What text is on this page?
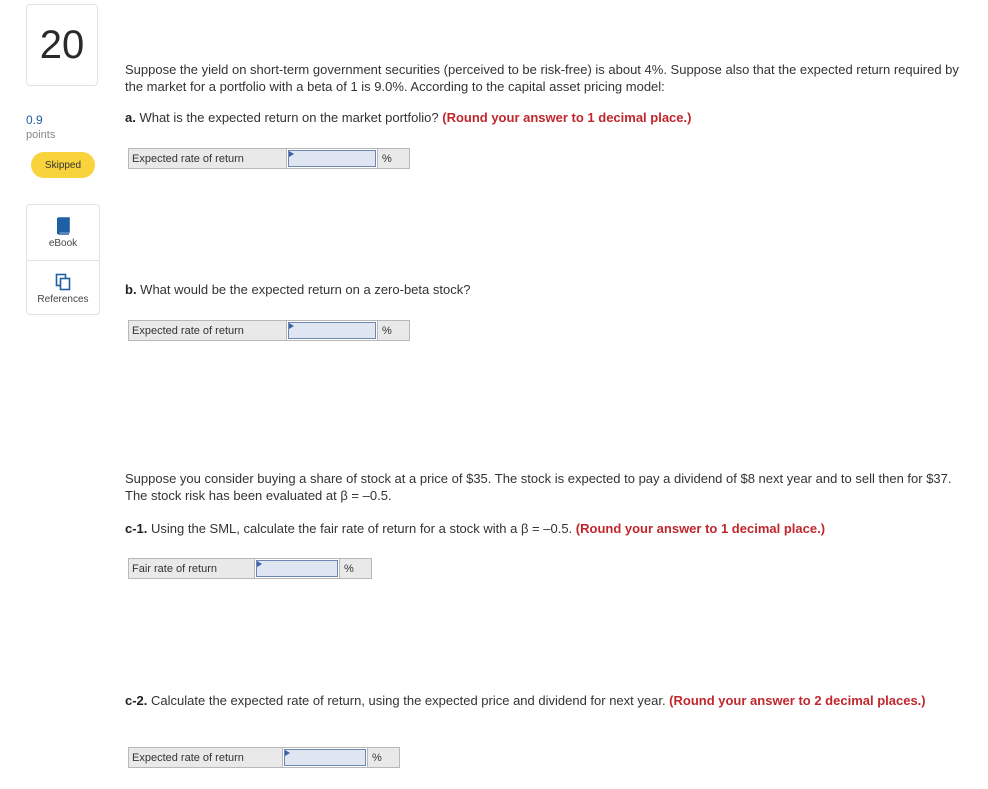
20
0.9
points
Skipped
eBook
References
Suppose the yield on short-term government securities (perceived to be risk-free) is about 4%. Suppose also that the expected return required by the market for a portfolio with a beta of 1 is 9.0%. According to the capital asset pricing model:
a. What is the expected return on the market portfolio? (Round your answer to 1 decimal place.)
Expected rate of return	%
b. What would be the expected return on a zero-beta stock?
Expected rate of return	%
Suppose you consider buying a share of stock at a price of $35. The stock is expected to pay a dividend of $8 next year and to sell then for $37. The stock risk has been evaluated at β = –0.5.
c-1. Using the SML, calculate the fair rate of return for a stock with a β = –0.5. (Round your answer to 1 decimal place.)
Fair rate of return	%
c-2. Calculate the expected rate of return, using the expected price and dividend for next year. (Round your answer to 2 decimal places.)
Expected rate of return	%
